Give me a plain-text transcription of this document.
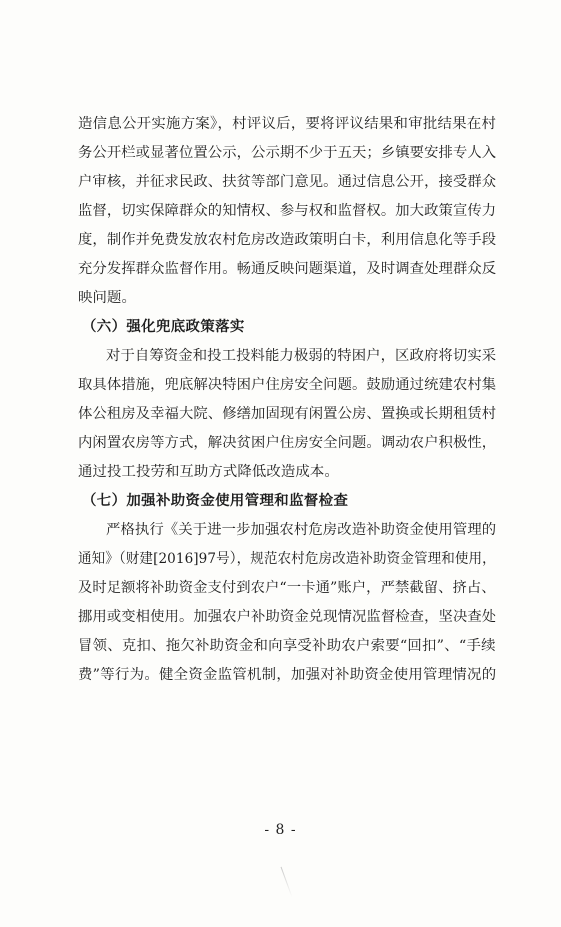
造信息公开实施方案》，村评议后，要将评议结果和审批结果在村
务公开栏或显著位置公示，公示期不少于五天；乡镇要安排专人入
户审核，并征求民政、扶贫等部门意见。通过信息公开，接受群众
监督，切实保障群众的知情权、参与权和监督权。加大政策宣传力
度，制作并免费发放农村危房改造政策明白卡，利用信息化等手段
充分发挥群众监督作用。畅通反映问题渠道，及时调查处理群众反
映问题。
（六）强化兜底政策落实
对于自筹资金和投工投料能力极弱的特困户，区政府将切实采
取具体措施，兜底解决特困户住房安全问题。鼓励通过统建农村集
体公租房及幸福大院、修缮加固现有闲置公房、置换或长期租赁村
内闲置农房等方式，解决贫困户住房安全问题。调动农户积极性，
通过投工投劳和互助方式降低改造成本。
（七）加强补助资金使用管理和监督检查
严格执行《关于进一步加强农村危房改造补助资金使用管理的
通知》（财建[2016]97号），规范农村危房改造补助资金管理和使用，
及时足额将补助资金支付到农户“一卡通”账户，严禁截留、挤占、
挪用或变相使用。加强农户补助资金兑现情况监督检查，坚决查处
冒领、克扣、拖欠补助资金和向享受补助农户索要“回扣”、“手续
费”等行为。健全资金监管机制，加强对补助资金使用管理情况的
- 8 -
